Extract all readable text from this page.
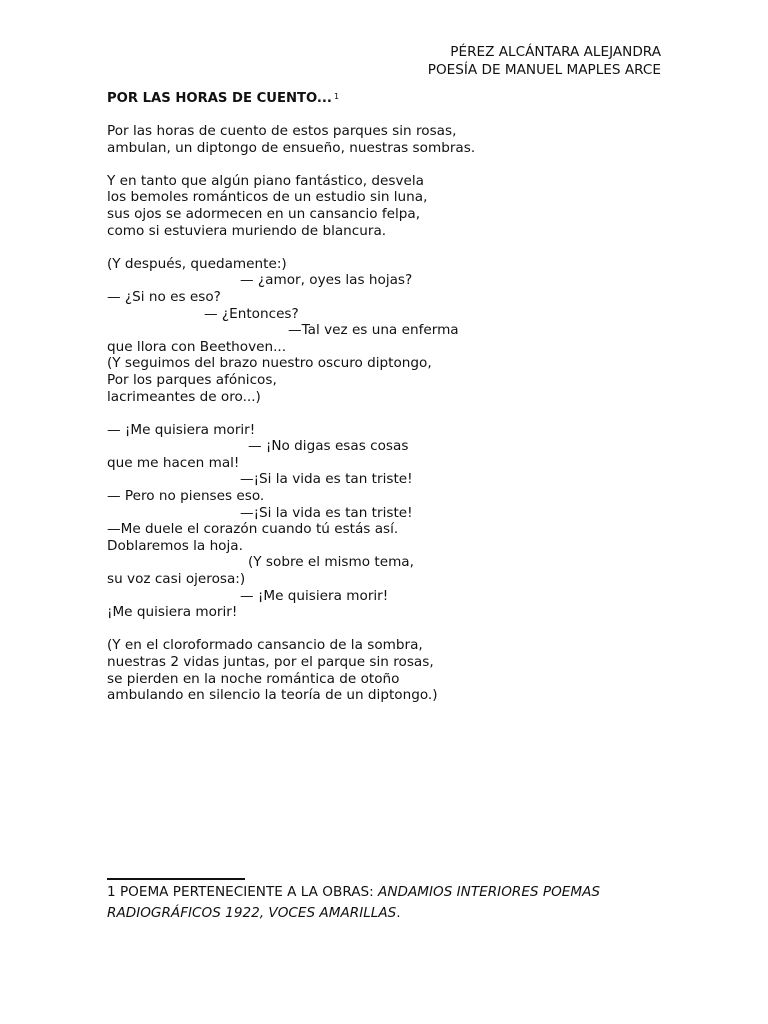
PÉREZ ALCÁNTARA ALEJANDRA
POESÍA DE MANUEL MAPLES ARCE
POR LAS HORAS DE CUENTO... $^1$
Por las horas de cuento de estos parques sin rosas,
ambulan, un diptongo de ensueño, nuestras sombras.
Y en tanto que algún piano fantástico, desvela
los bemoles románticos de un estudio sin luna,
sus ojos se adormecen en un cansancio felpa,
como si estuviera muriendo de blancura.
(Y después, quedamente:)
— ¿amor, oyes las hojas?
— ¿Si no es eso?
— ¿Entonces?
—Tal vez es una enferma
que llora con Beethoven...
(Y seguimos del brazo nuestro oscuro diptongo,
Por los parques afónicos,
lacrimeantes de oro...)
— ¡Me quisiera morir!
— ¡No digas esas cosas
que me hacen mal!
—¡Si la vida es tan triste!
— Pero no pienses eso.
—¡Si la vida es tan triste!
—Me duele el corazón cuando tú estás así.
Doblaremos la hoja.
(Y sobre el mismo tema,
su voz casi ojerosa:)
— ¡Me quisiera morir!
¡Me quisiera morir!
(Y en el cloroformado cansancio de la sombra,
nuestras 2 vidas juntas, por el parque sin rosas,
se pierden en la noche romántica de otoño
ambulando en silencio la teoría de un diptongo.)
1 POEMA PERTENECIENTE A LA OBRAS: ANDAMIOS INTERIORES POEMAS RADIOGRÁFICOS 1922, VOCES AMARILLAS.
